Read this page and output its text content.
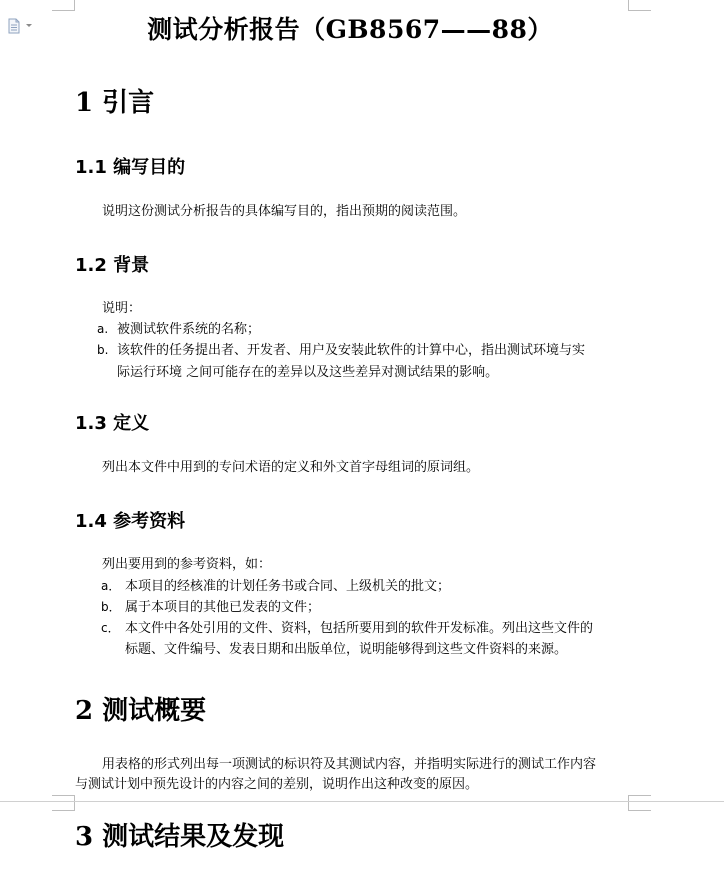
测试分析报告（GB8567——88）
1 引言
1.1 编写目的
说明这份测试分析报告的具体编写目的，指出预期的阅读范围。
1.2 背景
说明：
a. 被测试软件系统的名称；
b. 该软件的任务提出者、开发者、用户及安装此软件的计算中心，指出测试环境与实
际运行环境 之间可能存在的差异以及这些差异对测试结果的影响。
1.3 定义
列出本文件中用到的专问术语的定义和外文首字母组词的原词组。
1.4 参考资料
列出要用到的参考资料，如：
a． 本项目的经核准的计划任务书或合同、上级机关的批文；
b． 属于本项目的其他已发表的文件；
c． 本文件中各处引用的文件、资料，包括所要用到的软件开发标准。列出这些文件的
标题、文件编号、发表日期和出版单位，说明能够得到这些文件资料的来源。
2 测试概要
用表格的形式列出每一项测试的标识符及其测试内容，并指明实际进行的测试工作内容
与测试计划中预先设计的内容之间的差别，说明作出这种改变的原因。
3 测试结果及发现
